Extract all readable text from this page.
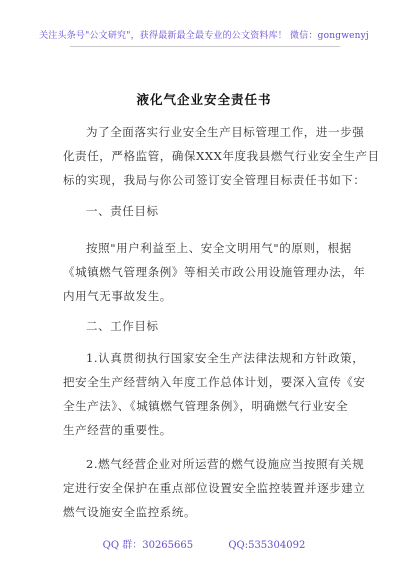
关注头条号"公文研究"，获得最新最全最专业的公文资料库！ 微信：gongwenyj
液化气企业安全责任书
为了全面落实行业安全生产目标管理工作，进一步强
化责任，严格监管，确保XXX年度我县燃气行业安全生产目
标的实现，我局与你公司签订安全管理目标责任书如下：
一、责任目标
按照"用户利益至上、安全文明用气"的原则，根据
《城镇燃气管理条例》等相关市政公用设施管理办法，年
内用气无事故发生。
二、工作目标
1.认真贯彻执行国家安全生产法律法规和方针政策，
把安全生产经营纳入年度工作总体计划，要深入宣传《安
全生产法》、《城镇燃气管理条例》，明确燃气行业安全
生产经营的重要性。
2.燃气经营企业对所运营的燃气设施应当按照有关规
定进行安全保护在重点部位设置安全监控装置并逐步建立
燃气设施安全监控系统。
QQ 群：30265665	QQ:535304092
